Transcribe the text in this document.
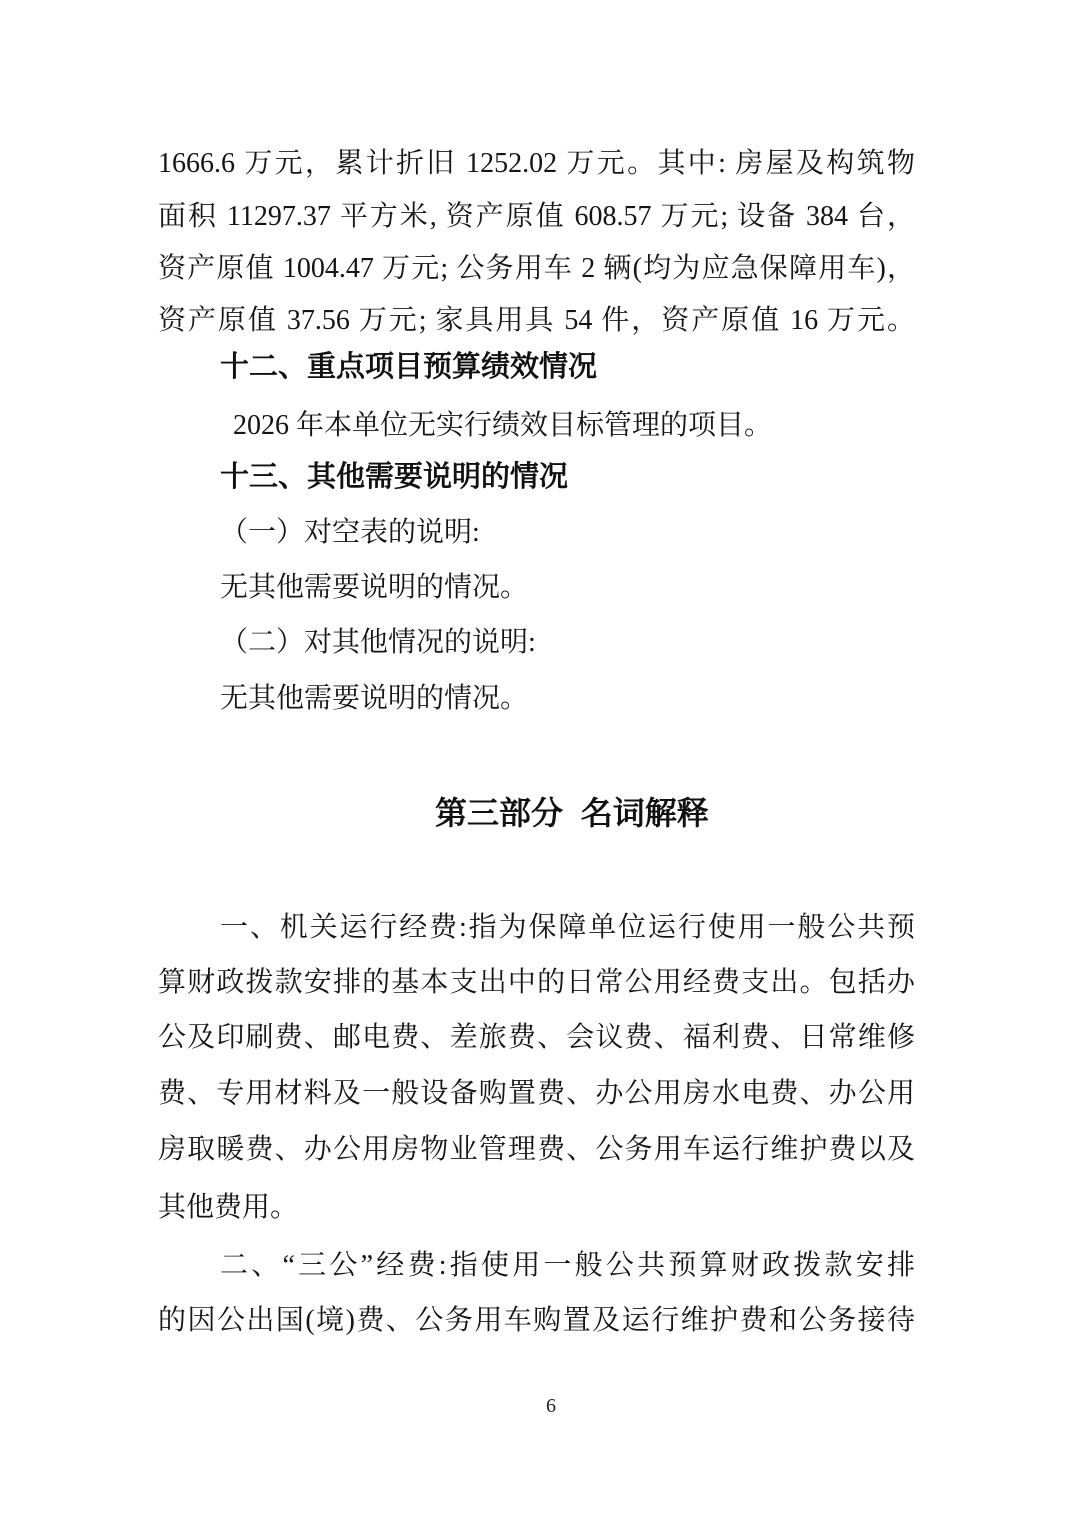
1666.6 万元，累计折旧 1252.02 万元。其中: 房屋及构筑物
面积 11297.37 平方米, 资产原值 608.57 万元; 设备 384 台，
资产原值 1004.47 万元; 公务用车 2 辆(均为应急保障用车)，
资产原值 37.56 万元; 家具用具 54 件，资产原值 16 万元。
十二、重点项目预算绩效情况
2026 年本单位无实行绩效目标管理的项目。
十三、其他需要说明的情况
（一）对空表的说明:
无其他需要说明的情况。
（二）对其他情况的说明:
无其他需要说明的情况。
第三部分  名词解释
一、机关运行经费:指为保障单位运行使用一般公共预
算财政拨款安排的基本支出中的日常公用经费支出。包括办
公及印刷费、邮电费、差旅费、会议费、福利费、日常维修
费、专用材料及一般设备购置费、办公用房水电费、办公用
房取暖费、办公用房物业管理费、公务用车运行维护费以及
其他费用。
二、“三公”经费:指使用一般公共预算财政拨款安排
的因公出国(境)费、公务用车购置及运行维护费和公务接待
6
